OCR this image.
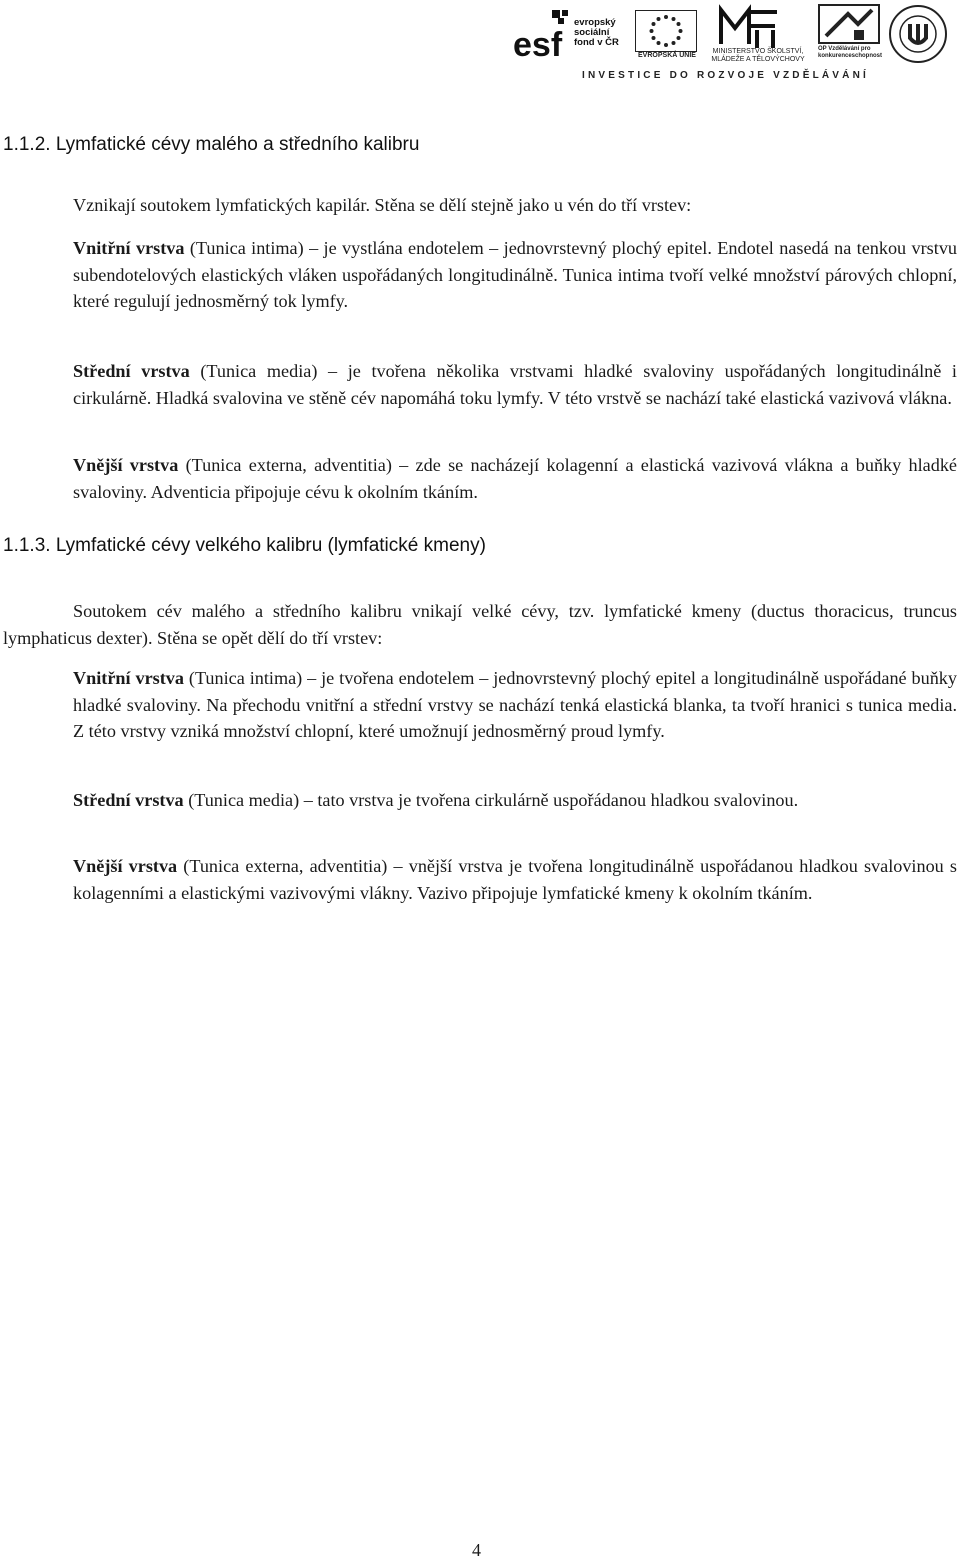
esf
evropský sociální fond v ČR
EVROPSKÁ UNIE
MINISTERSTVO ŠKOLSTVÍ, MLÁDEŽE A TĚLOVÝCHOVY
OP Vzdělávání pro konkurenceschopnost
INVESTICE DO ROZVOJE VZDĚLÁVÁNÍ
1.1.2. Lymfatické cévy malého a středního kalibru

Vznikají soutokem lymfatických kapilár. Stěna se dělí stejně jako u vén do tří vrstev:

Vnitřní vrstva (Tunica intima) – je vystlána endotelem – jednovrstevný plochý epitel. Endotel nasedá na tenkou vrstvu subendotelových elastických vláken uspořádaných longitudinálně. Tunica intima tvoří velké množství párových chlopní, které regulují jednosměrný tok lymfy.

Střední vrstva (Tunica media) – je tvořena několika vrstvami hladké svaloviny uspořádaných longitudinálně i cirkulárně. Hladká svalovina ve stěně cév napomáhá toku lymfy. V této vrstvě se nachází také elastická vazivová vlákna.

Vnější vrstva (Tunica externa, adventitia) – zde se nacházejí kolagenní a elastická vazivová vlákna a buňky hladké svaloviny. Adventicia připojuje cévu k okolním tkáním.

1.1.3. Lymfatické cévy velkého kalibru (lymfatické kmeny)

Soutokem cév malého a středního kalibru vnikají velké cévy, tzv. lymfatické kmeny (ductus thoracicus, truncus lymphaticus dexter). Stěna se opět dělí do tří vrstev:

Vnitřní vrstva (Tunica intima) – je tvořena endotelem – jednovrstevný plochý epitel a longitudinálně uspořádané buňky hladké svaloviny. Na přechodu vnitřní a střední vrstvy se nachází tenká elastická blanka, ta tvoří hranici s tunica media. Z této vrstvy vzniká množství chlopní, které umožnují jednosměrný proud lymfy.

Střední vrstva (Tunica media) – tato vrstva je tvořena cirkulárně uspořádanou hladkou svalovinou.

Vnější vrstva (Tunica externa, adventitia) – vnější vrstva je tvořena longitudinálně uspořádanou hladkou svalovinou s kolagenními a elastickými vazivovými vlákny. Vazivo připojuje lymfatické kmeny k okolním tkáním.

4
